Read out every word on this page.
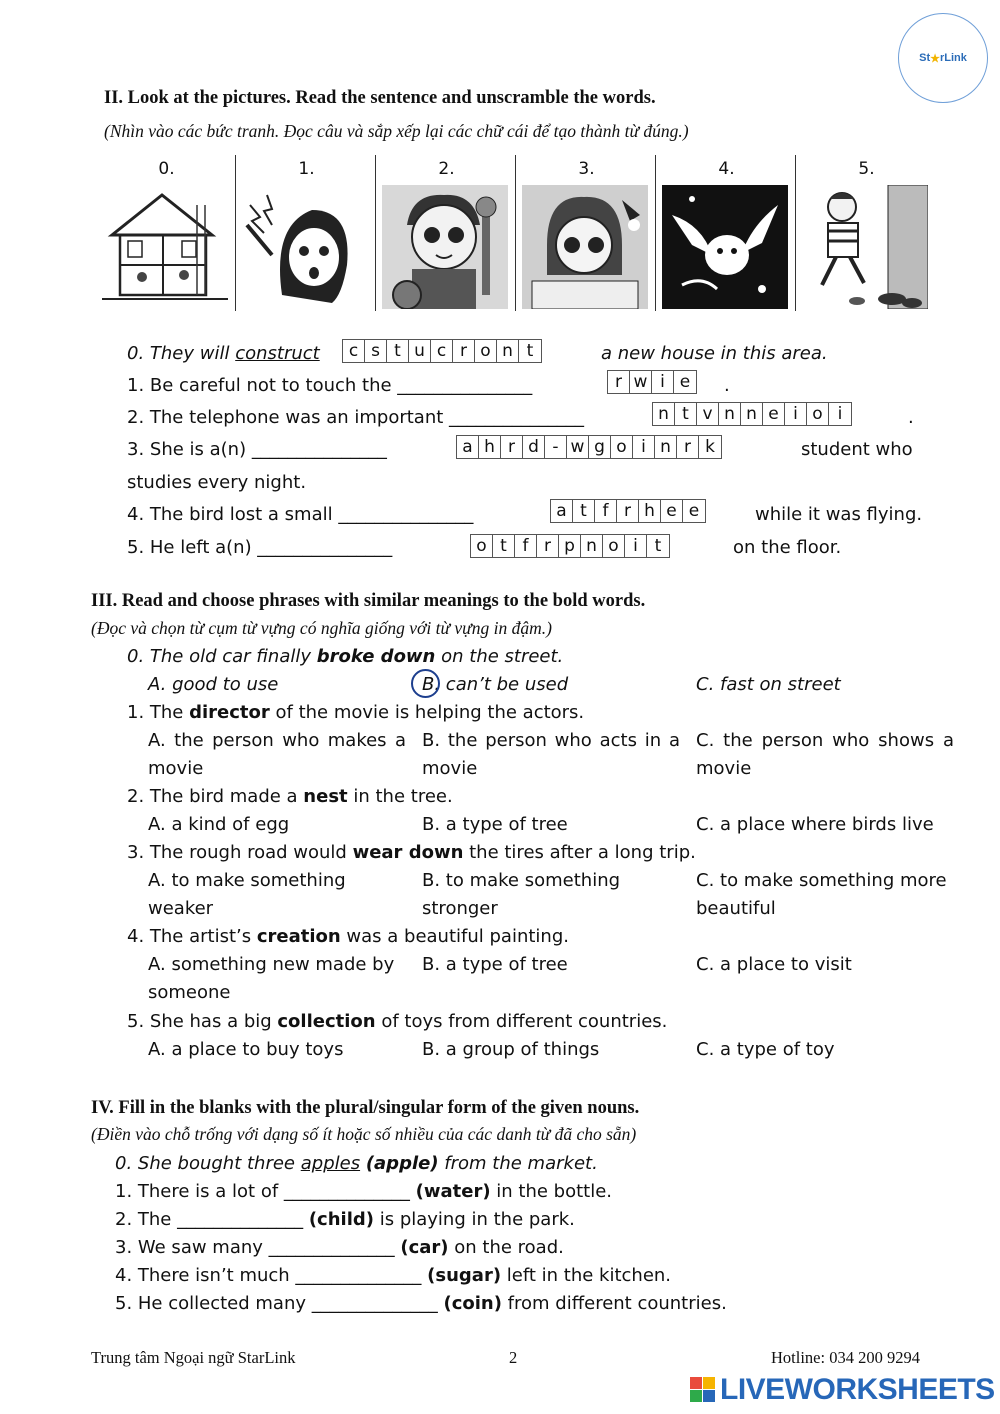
St ★ rLink
II. Look at the pictures. Read the sentence and unscramble the words.
(Nhìn vào các bức tranh. Đọc câu và sắp xếp lại các chữ cái để tạo thành từ đúng.)
0.	1.	2.	3.	4.	5.
0. They will construct	c s t u c r o n t	a new house in this area.
1. Be careful not to touch the _______________	r w i e	.
2. The telephone was an important _______________	n t v n n e i o i	.
3. She is a(n) _______________	a h r d - w g o i n r k	student who
studies every night.
4. The bird lost a small _______________	a t f r h e e	while it was flying.
5. He left a(n) _______________	o t f r p n o i t	on the floor.
III. Read and choose phrases with similar meanings to the bold words.
(Đọc và chọn từ cụm từ vựng có nghĩa giống với từ vựng in đậm.)
0. The old car finally broke down on the street.
A. good to use	B. can’t be used	C. fast on street
1. The director of the movie is helping the actors.
A. the person who makes a movie
B. the person who acts in a movie
C. the person who shows a movie
2. The bird made a nest in the tree.
A. a kind of egg	B. a type of tree	C. a place where birds live
3. The rough road would wear down the tires after a long trip.
A. to make something weaker
B. to make something stronger
C. to make something more beautiful
4. The artist’s creation was a beautiful painting.
A. something new made by someone
B. a type of tree	C. a place to visit
5. She has a big collection of toys from different countries.
A. a place to buy toys	B. a group of things	C. a type of toy
IV. Fill in the blanks with the plural/singular form of the given nouns.
(Điền vào chỗ trống với dạng số ít hoặc số nhiều của các danh từ đã cho sẵn)
0. She bought three apples (apple) from the market.
1. There is a lot of ______________ (water) in the bottle.
2. The ______________ (child) is playing in the park.
3. We saw many ______________ (car) on the road.
4. There isn’t much ______________ (sugar) left in the kitchen.
5. He collected many ______________ (coin) from different countries.
Trung tâm Ngoại ngữ StarLink	2	Hotline: 034 200 9294
LIVEWORKSHEETS
